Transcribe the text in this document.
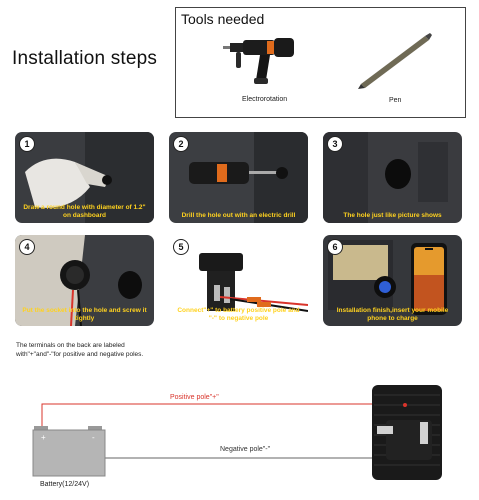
Installation steps
Tools needed
Electrorotation	Pen
1
Draw a round hole with diameter of 1.2" on dashboard
2
Drill the hole out with an electric drill
3
The hole just like picture shows
4
Put the socket into the hole and screw it tightly
5
Connect"+" to battery positive pole and "-" to negative pole
6
Installation finish,insert your mobile phone to charge
The terminals on the back are labeled
with"+"and"-"for positive and negative poles.
+	-
Positive pole"+"
Negative pole"-"
Battery(12/24V)
